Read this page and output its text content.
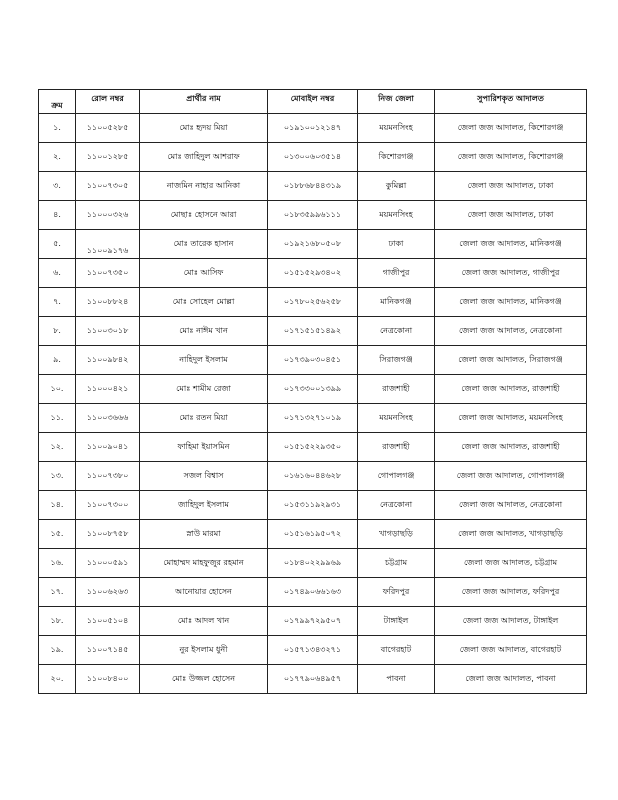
ক্রম	রোল নম্বর	প্রার্থীর নাম	মোবাইল নম্বর	নিজ জেলা	সুপারিশকৃত আদালত
১.	১১০০৫২৮৫	মোঃ হৃদয় মিয়া	০১৯১০০১২১৪৭	ময়মনসিংহ	জেলা জজ আদালত, কিশোরগঞ্জ
২.	১১০০১২৮৫	মোঃ জাহিদুল আশরাফ	০১৩০০৬০৩৫১৪	কিশোরগঞ্জ	জেলা জজ আদালত, কিশোরগঞ্জ
৩.	১১০০৭৩০৫	নাজমিন নাহার আনিকা	০১৮৮৬৮৪৪৩১৯	কুমিল্লা	জেলা জজ আদালত, ঢাকা
৪.	১১০০০৩২৬	মোছাঃ হোসনে আরা	০১৮৩৫৯৯৬১১১	ময়মনসিংহ	জেলা জজ আদালত, ঢাকা
৫.	১১০০৯১৭৬	মোঃ তারেক হাসান	০১৯২১৬৮০৫০৮	ঢাকা	জেলা জজ আদালত, মানিকগঞ্জ
৬.	১১০০৭৩৫০	মোঃ আসিফ	০১৫১৫২৯৩৪০২	গাজীপুর	জেলা জজ আদালত, গাজীপুর
৭.	১১০০৮৮২৪	মোঃ সোহেল মোল্লা	০১৭৮০২৫৬২৫৮	মানিকগঞ্জ	জেলা জজ আদালত, মানিকগঞ্জ
৮.	১১০০৩০১৮	মোঃ নাঈম খান	০১৭১৫১৫১৪৯২	নেত্রকোনা	জেলা জজ আদালত, নেত্রকোনা
৯.	১১০০৯৮৪২	নাহিদুল ইসলাম	০১৭৩৯০৩০৪৫১	সিরাজগঞ্জ	জেলা জজ আদালত, সিরাজগঞ্জ
১০.	১১০০০৪২১	মোঃ শামীম রেজা	০১৭৩৩০০১৩৯৯	রাজশাহী	জেলা জজ আদালত, রাজশাহী
১১.	১১০০৩৬৬৬	মোঃ রতন মিয়া	০১৭১৩২৭১০১৯	ময়মনসিংহ	জেলা জজ আদালত, ময়মনসিংহ
১২.	১১০০৯০৪১	ফাহিমা ইয়াসমিন	০১৫১৫২২৯৩৫০	রাজশাহী	জেলা জজ আদালত, রাজশাহী
১৩.	১১০০৭৩৮০	সজল বিশ্বাস	০১৬১৬০৪৪৬২৮	গোপালগঞ্জ	জেলা জজ আদালত, গোপালগঞ্জ
১৪.	১১০০৭৩০০	জাহিদুল ইসলাম	০১৫৩১১৯২৯৩১	নেত্রকোনা	জেলা জজ আদালত, নেত্রকোনা
১৫.	১১০০৮৭৫৮	স্নাউ মারমা	০১৫১৬১৯৫০৭২	খাগড়াছড়ি	জেলা জজ আদালত, খাগড়াছড়ি
১৬.	১১০০০৫৯১	মোহাম্মদ মাহফুজুর রহমান	০১৮৪০২২৯৯৬৯	চট্টগ্রাম	জেলা জজ আদালত, চট্টগ্রাম
১৭.	১১০০৬২৬৩	আনোয়ার হোসেন	০১৭৪৯০৬৬১৬৩	ফরিদপুর	জেলা জজ আদালত, ফরিদপুর
১৮.	১১০০৫১০৪	মোঃ আদল খান	০১৭৯৯৭২৯৫০৭	টাঙ্গাইল	জেলা জজ আদালত, টাঙ্গাইল
১৯.	১১০০৭১৪৫	নুর ইসলাম ধুনী	০১৫৭১৩৪৩২৭১	বাগেরহাট	জেলা জজ আদালত, বাগেরহাট
২০.	১১০০৮৪০০	মোঃ উজ্জল হোসেন	০১৭৭৯০৬৪৯৫৭	পাবনা	জেলা জজ আদালত, পাবনা
